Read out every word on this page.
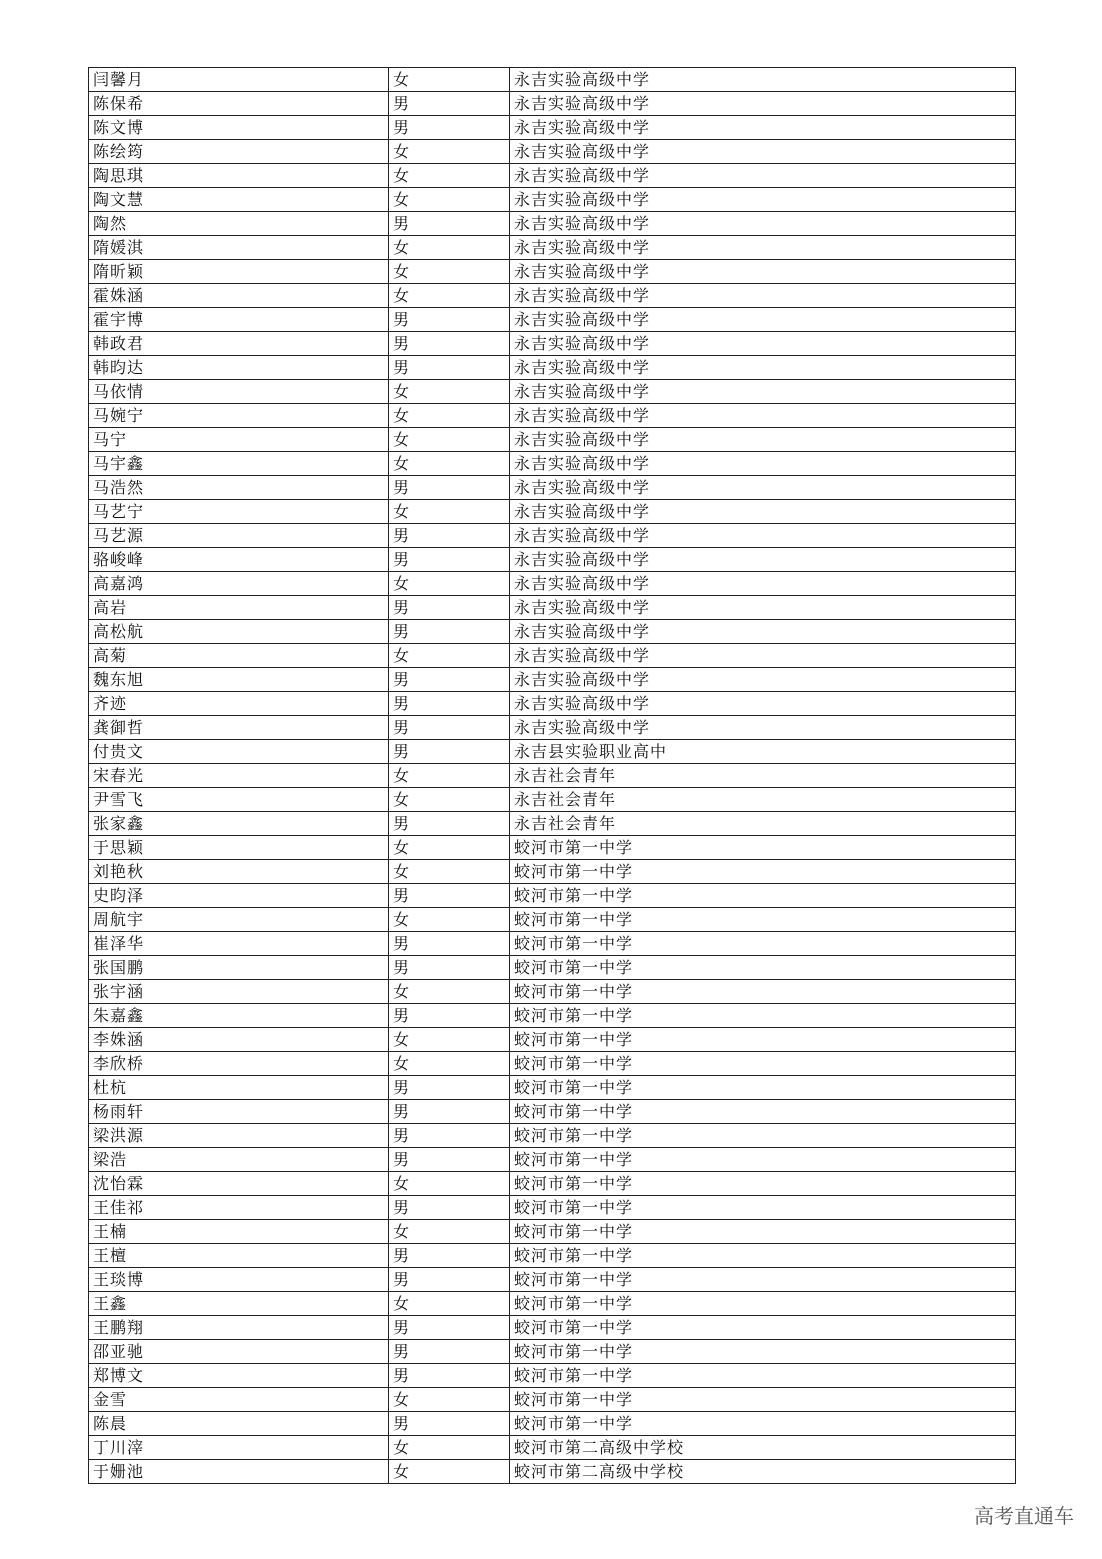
闫馨月	女	永吉实验高级中学
陈保希	男	永吉实验高级中学
陈文博	男	永吉实验高级中学
陈绘筠	女	永吉实验高级中学
陶思琪	女	永吉实验高级中学
陶文慧	女	永吉实验高级中学
陶然	男	永吉实验高级中学
隋媛淇	女	永吉实验高级中学
隋昕颖	女	永吉实验高级中学
霍姝涵	女	永吉实验高级中学
霍宇博	男	永吉实验高级中学
韩政君	男	永吉实验高级中学
韩昀达	男	永吉实验高级中学
马依情	女	永吉实验高级中学
马婉宁	女	永吉实验高级中学
马宁	女	永吉实验高级中学
马宇鑫	女	永吉实验高级中学
马浩然	男	永吉实验高级中学
马艺宁	女	永吉实验高级中学
马艺源	男	永吉实验高级中学
骆峻峰	男	永吉实验高级中学
高嘉鸿	女	永吉实验高级中学
高岩	男	永吉实验高级中学
高松航	男	永吉实验高级中学
高菊	女	永吉实验高级中学
魏东旭	男	永吉实验高级中学
齐迹	男	永吉实验高级中学
龚御哲	男	永吉实验高级中学
付贵文	男	永吉县实验职业高中
宋春光	女	永吉社会青年
尹雪飞	女	永吉社会青年
张家鑫	男	永吉社会青年
于思颖	女	蛟河市第一中学
刘艳秋	女	蛟河市第一中学
史昀泽	男	蛟河市第一中学
周航宇	女	蛟河市第一中学
崔泽华	男	蛟河市第一中学
张国鹏	男	蛟河市第一中学
张宇涵	女	蛟河市第一中学
朱嘉鑫	男	蛟河市第一中学
李姝涵	女	蛟河市第一中学
李欣桥	女	蛟河市第一中学
杜杭	男	蛟河市第一中学
杨雨轩	男	蛟河市第一中学
梁洪源	男	蛟河市第一中学
梁浩	男	蛟河市第一中学
沈怡霖	女	蛟河市第一中学
王佳祁	男	蛟河市第一中学
王楠	女	蛟河市第一中学
王檀	男	蛟河市第一中学
王琰博	男	蛟河市第一中学
王鑫	女	蛟河市第一中学
王鹏翔	男	蛟河市第一中学
邵亚驰	男	蛟河市第一中学
郑博文	男	蛟河市第一中学
金雪	女	蛟河市第一中学
陈晨	男	蛟河市第一中学
丁川滓	女	蛟河市第二高级中学校
于姗池	女	蛟河市第二高级中学校
高考直通车
